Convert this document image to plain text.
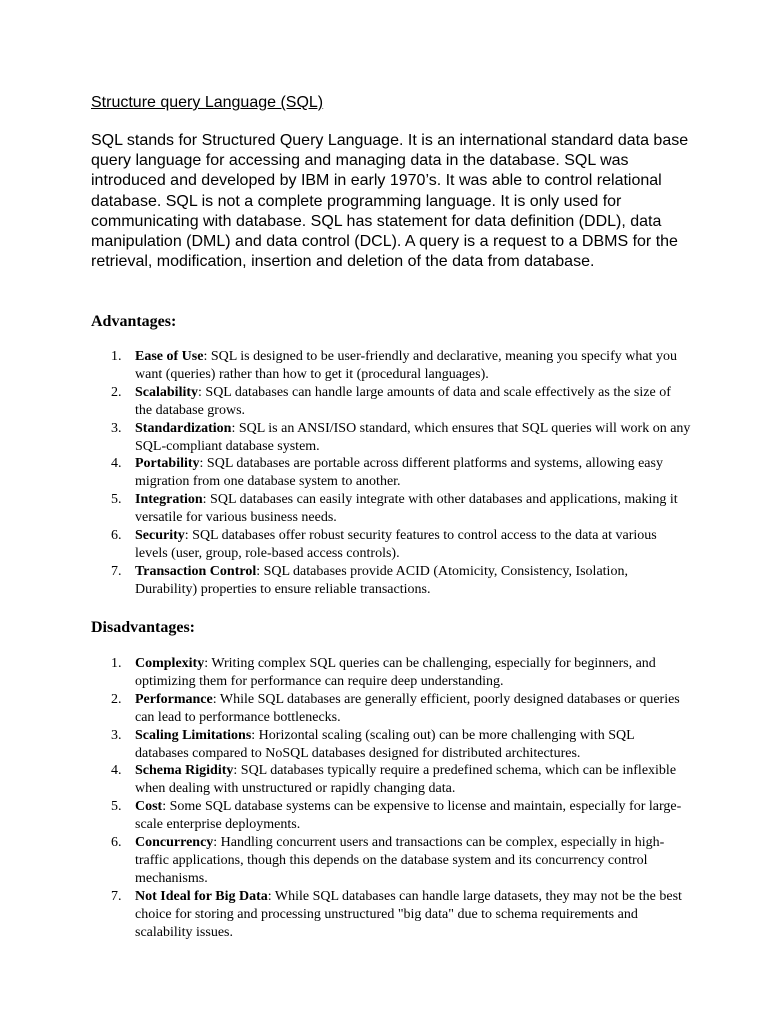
Structure query Language (SQL)

SQL stands for Structured Query Language. It is an international standard data base query language for accessing and managing data in the database. SQL was introduced and developed by IBM in early 1970’s. It was able to control relational database. SQL is not a complete programming language. It is only used for communicating with database. SQL has statement for data definition (DDL), data manipulation (DML) and data control (DCL). A query is a request to a DBMS for the retrieval, modification, insertion and deletion of the data from database.

Advantages:
1. Ease of Use: SQL is designed to be user-friendly and declarative, meaning you specify what you want (queries) rather than how to get it (procedural languages).
2. Scalability: SQL databases can handle large amounts of data and scale effectively as the size of the database grows.
3. Standardization: SQL is an ANSI/ISO standard, which ensures that SQL queries will work on any SQL-compliant database system.
4. Portability: SQL databases are portable across different platforms and systems, allowing easy migration from one database system to another.
5. Integration: SQL databases can easily integrate with other databases and applications, making it versatile for various business needs.
6. Security: SQL databases offer robust security features to control access to the data at various levels (user, group, role-based access controls).
7. Transaction Control: SQL databases provide ACID (Atomicity, Consistency, Isolation, Durability) properties to ensure reliable transactions.
Disadvantages:
1. Complexity: Writing complex SQL queries can be challenging, especially for beginners, and optimizing them for performance can require deep understanding.
2. Performance: While SQL databases are generally efficient, poorly designed databases or queries can lead to performance bottlenecks.
3. Scaling Limitations: Horizontal scaling (scaling out) can be more challenging with SQL databases compared to NoSQL databases designed for distributed architectures.
4. Schema Rigidity: SQL databases typically require a predefined schema, which can be inflexible when dealing with unstructured or rapidly changing data.
5. Cost: Some SQL database systems can be expensive to license and maintain, especially for large-scale enterprise deployments.
6. Concurrency: Handling concurrent users and transactions can be complex, especially in high-traffic applications, though this depends on the database system and its concurrency control mechanisms.
7. Not Ideal for Big Data: While SQL databases can handle large datasets, they may not be the best choice for storing and processing unstructured "big data" due to schema requirements and scalability issues.
